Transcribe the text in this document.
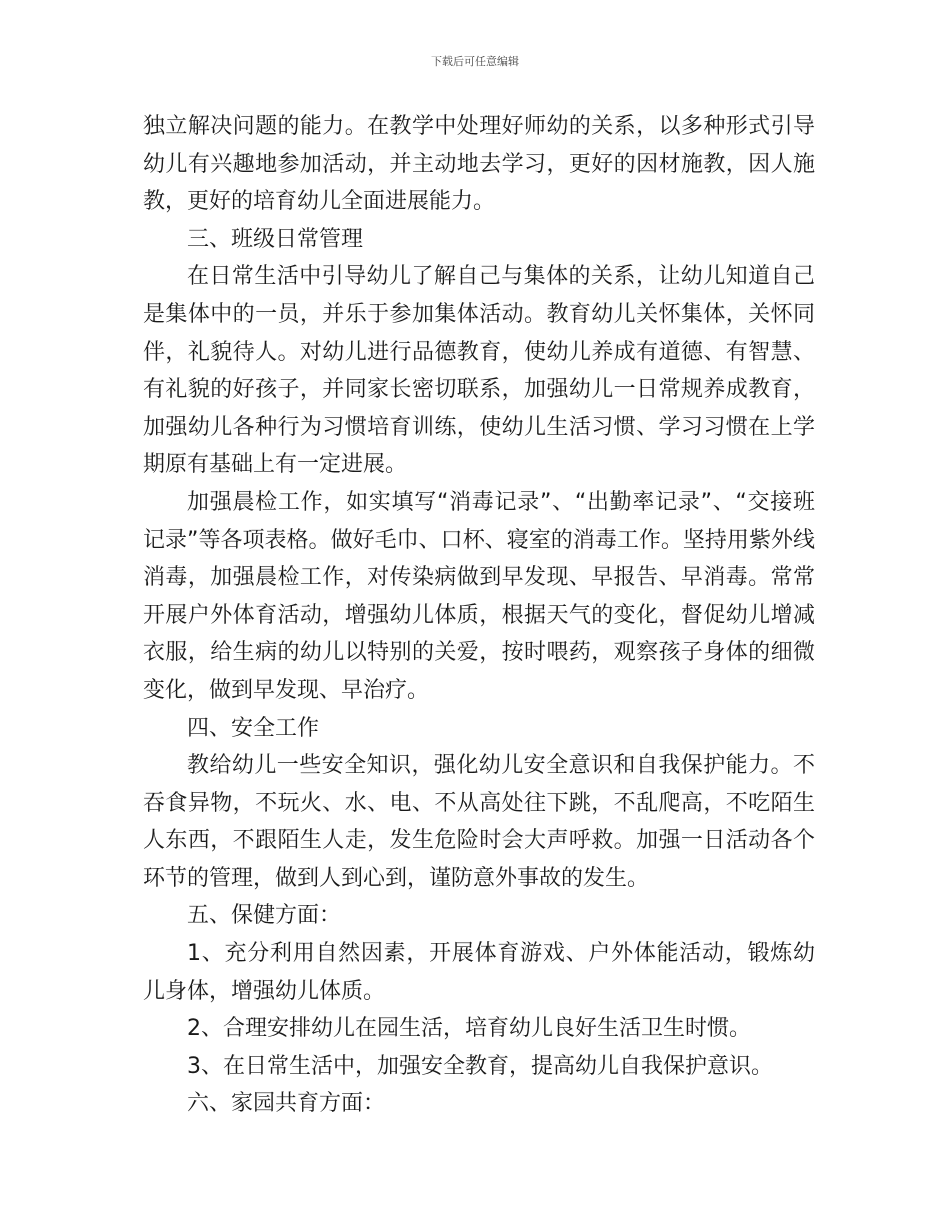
下载后可任意编辑

独立解决问题的能力。在教学中处理好师幼的关系，以多种形式引导幼儿有兴趣地参加活动，并主动地去学习，更好的因材施教，因人施教，更好的培育幼儿全面进展能力。

三、班级日常管理

在日常生活中引导幼儿了解自己与集体的关系，让幼儿知道自己是集体中的一员，并乐于参加集体活动。教育幼儿关怀集体，关怀同伴，礼貌待人。对幼儿进行品德教育，使幼儿养成有道德、有智慧、有礼貌的好孩子，并同家长密切联系，加强幼儿一日常规养成教育，加强幼儿各种行为习惯培育训练，使幼儿生活习惯、学习习惯在上学期原有基础上有一定进展。

加强晨检工作，如实填写“消毒记录”、“出勤率记录”、“交接班记录”等各项表格。做好毛巾、口杯、寝室的消毒工作。坚持用紫外线消毒，加强晨检工作，对传染病做到早发现、早报告、早消毒。常常开展户外体育活动，增强幼儿体质，根据天气的变化，督促幼儿增减衣服，给生病的幼儿以特别的关爱，按时喂药，观察孩子身体的细微变化，做到早发现、早治疗。

四、安全工作

教给幼儿一些安全知识，强化幼儿安全意识和自我保护能力。不吞食异物，不玩火、水、电、不从高处往下跳，不乱爬高，不吃陌生人东西，不跟陌生人走，发生危险时会大声呼救。加强一日活动各个环节的管理，做到人到心到，谨防意外事故的发生。

五、保健方面：

1、充分利用自然因素，开展体育游戏、户外体能活动，锻炼幼儿身体，增强幼儿体质。

2、合理安排幼儿在园生活，培育幼儿良好生活卫生时惯。

3、在日常生活中，加强安全教育，提高幼儿自我保护意识。

六、家园共育方面：
